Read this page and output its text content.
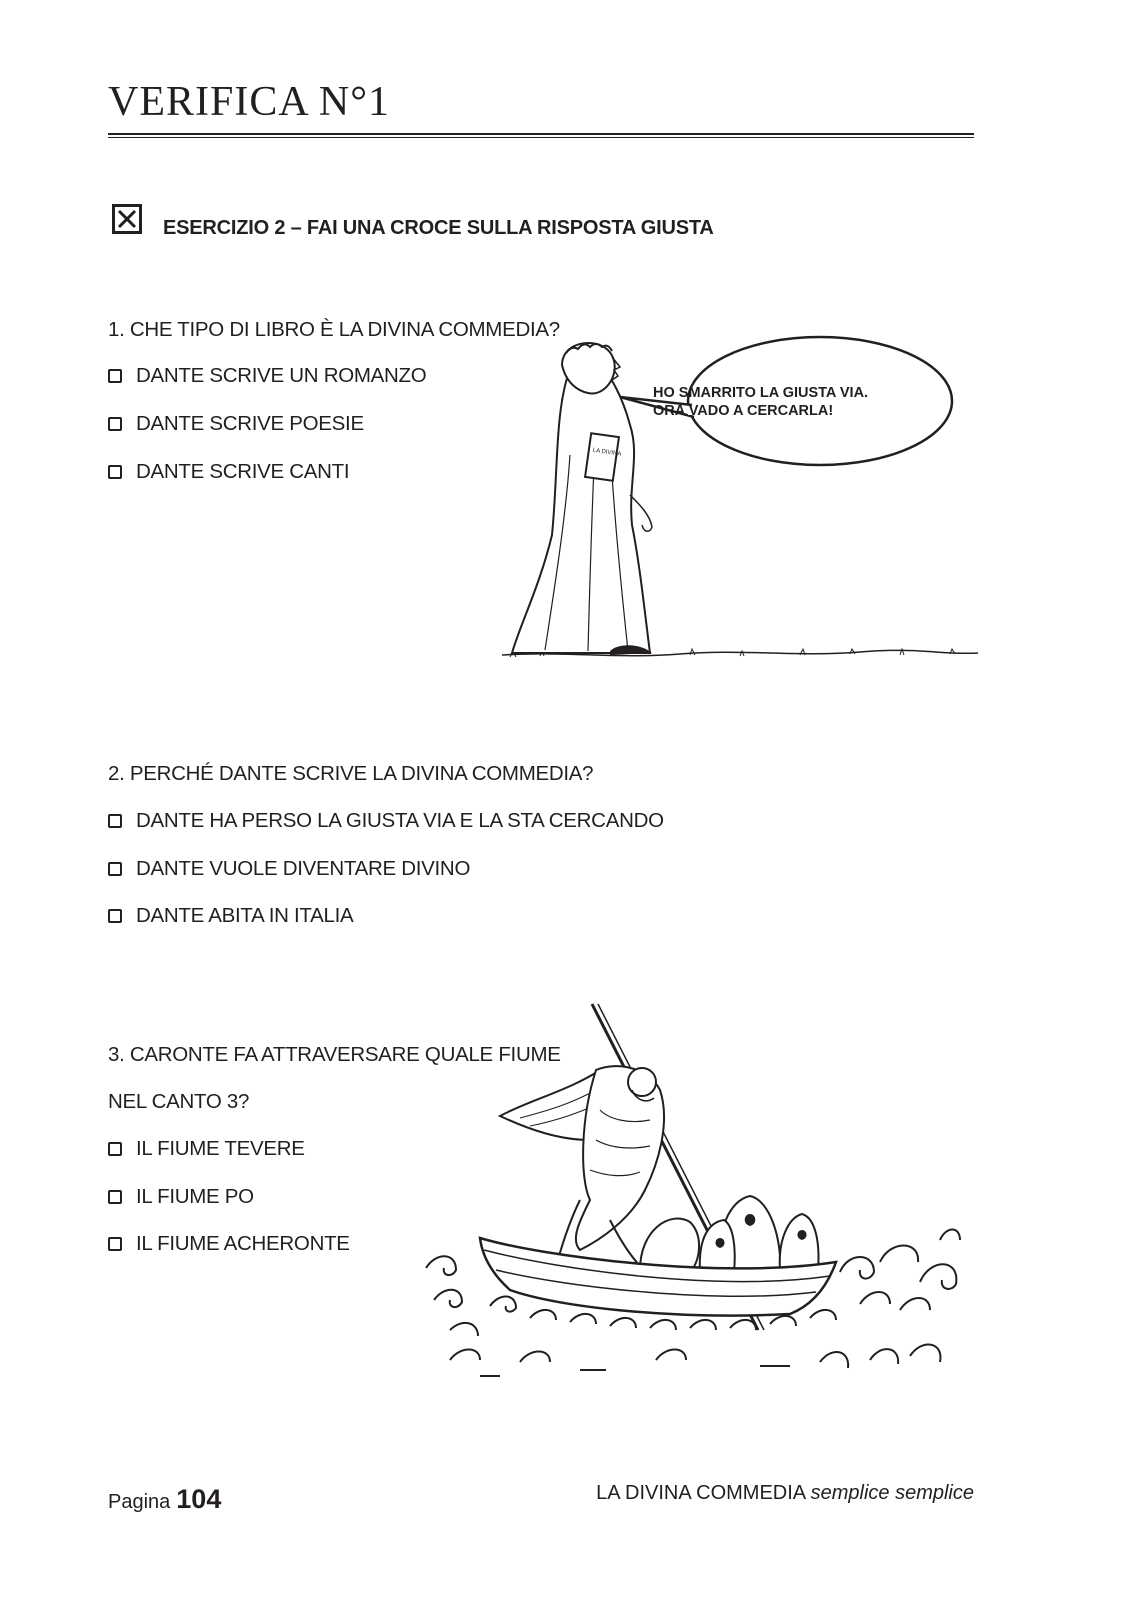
VERIFICA N°1
ESERCIZIO 2 – FAI UNA CROCE SULLA RISPOSTA GIUSTA
1. CHE TIPO DI LIBRO È LA DIVINA COMMEDIA?
DANTE SCRIVE UN ROMANZO
DANTE SCRIVE POESIE
DANTE SCRIVE CANTI
LA DIVINA
HO SMARRITO LA GIUSTA VIA.
ORA VADO A CERCARLA!
2. PERCHÉ DANTE SCRIVE LA DIVINA COMMEDIA?
DANTE HA PERSO LA GIUSTA VIA E LA STA CERCANDO
DANTE VUOLE DIVENTARE DIVINO
DANTE ABITA IN ITALIA
3. CARONTE FA ATTRAVERSARE QUALE FIUME
NEL CANTO 3?
IL FIUME TEVERE
IL FIUME PO
IL FIUME ACHERONTE
Pagina 104	LA DIVINA COMMEDIA semplice semplice
